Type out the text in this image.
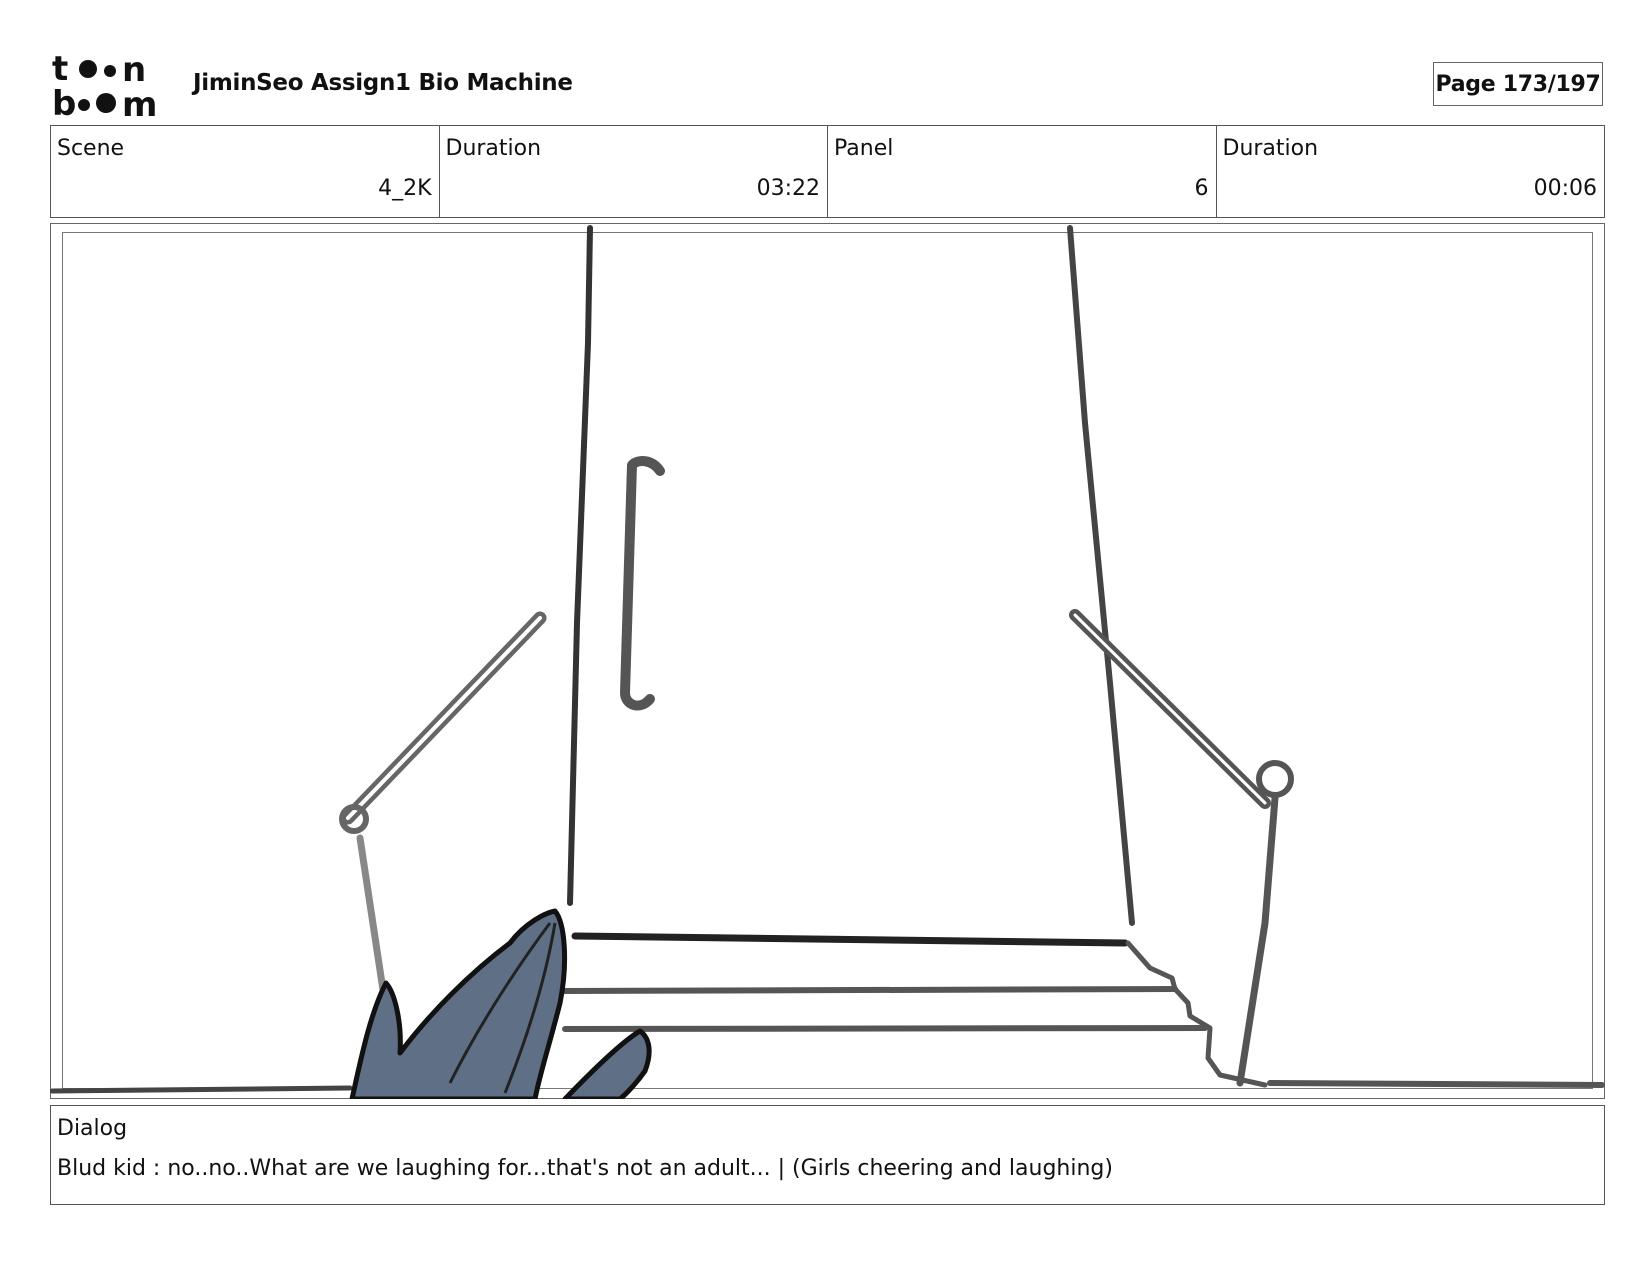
t n
b m
JiminSeo Assign1 Bio Machine	Page 173/197
Scene
4_2K
Duration
03:22
Panel
6
Duration
00:06
Dialog
Blud kid : no..no..What are we laughing for...that's not an adult... | (Girls cheering and laughing)
